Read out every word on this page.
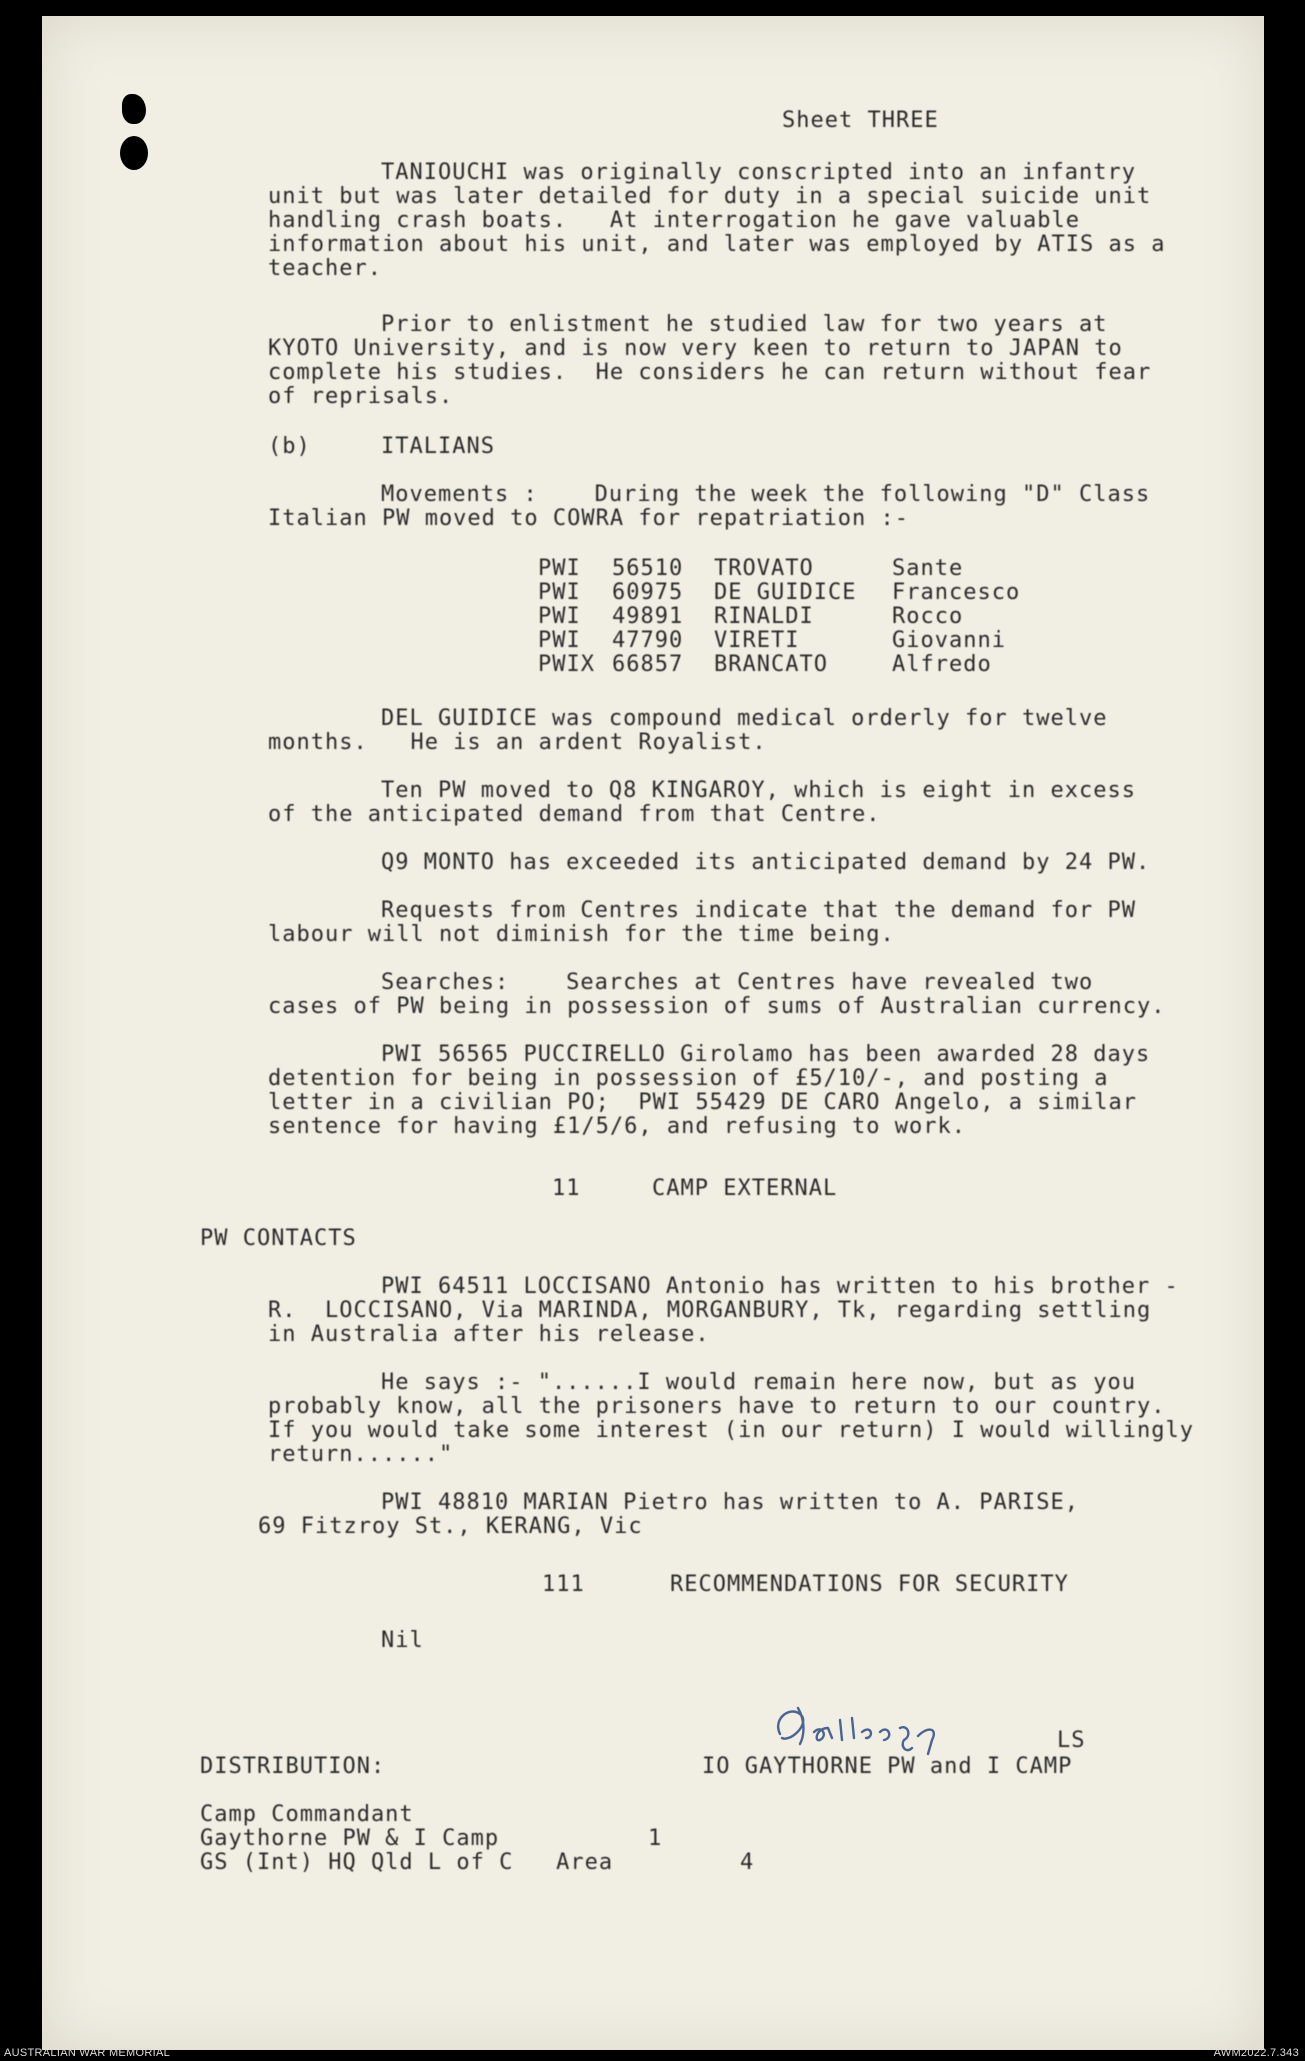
Sheet THREE
TANIOUCHI was originally conscripted into an infantry
unit but was later detailed for duty in a special suicide unit
handling crash boats.   At interrogation he gave valuable
information about his unit, and later was employed by ATIS as a
teacher.
Prior to enlistment he studied law for two years at
KYOTO University, and is now very keen to return to JAPAN to
complete his studies.  He considers he can return without fear
of reprisals.
(b)	ITALIANS
Movements :    During the week the following "D" Class
Italian PW moved to COWRA for repatriation :-
PWI 56510 TROVATO	Sante
PWI 60975 DE GUIDICE Francesco
PWI 49891 RINALDI	Rocco
PWI 47790 VIRETI	Giovanni
PWIX 66857 BRANCATO	Alfredo
DEL GUIDICE was compound medical orderly for twelve
months.   He is an ardent Royalist.
Ten PW moved to Q8 KINGAROY, which is eight in excess
of the anticipated demand from that Centre.
Q9 MONTO has exceeded its anticipated demand by 24 PW.
Requests from Centres indicate that the demand for PW
labour will not diminish for the time being.
Searches:    Searches at Centres have revealed two
cases of PW being in possession of sums of Australian currency.
PWI 56565 PUCCIRELLO Girolamo has been awarded 28 days
detention for being in possession of £5/10/-, and posting a
letter in a civilian PO;  PWI 55429 DE CARO Angelo, a similar
sentence for having £1/5/6, and refusing to work.
11	CAMP EXTERNAL
PW CONTACTS
PWI 64511 LOCCISANO Antonio has written to his brother -
R.  LOCCISANO, Via MARINDA, MORGANBURY, Tk, regarding settling
in Australia after his release.
He says :- "......I would remain here now, but as you
probably know, all the prisoners have to return to our country.
If you would take some interest (in our return) I would willingly
return......"
PWI 48810 MARIAN Pietro has written to A. PARISE,
69 Fitzroy St., KERANG, Vic
111	RECOMMENDATIONS FOR SECURITY
Nil
LS
IO GAYTHORNE PW and I CAMP
DISTRIBUTION:
Camp Commandant
Gaythorne PW & I Camp	1
GS (Int) HQ Qld L of C   Area	4
AUSTRALIAN WAR MEMORIAL	AWM2022.7.343
